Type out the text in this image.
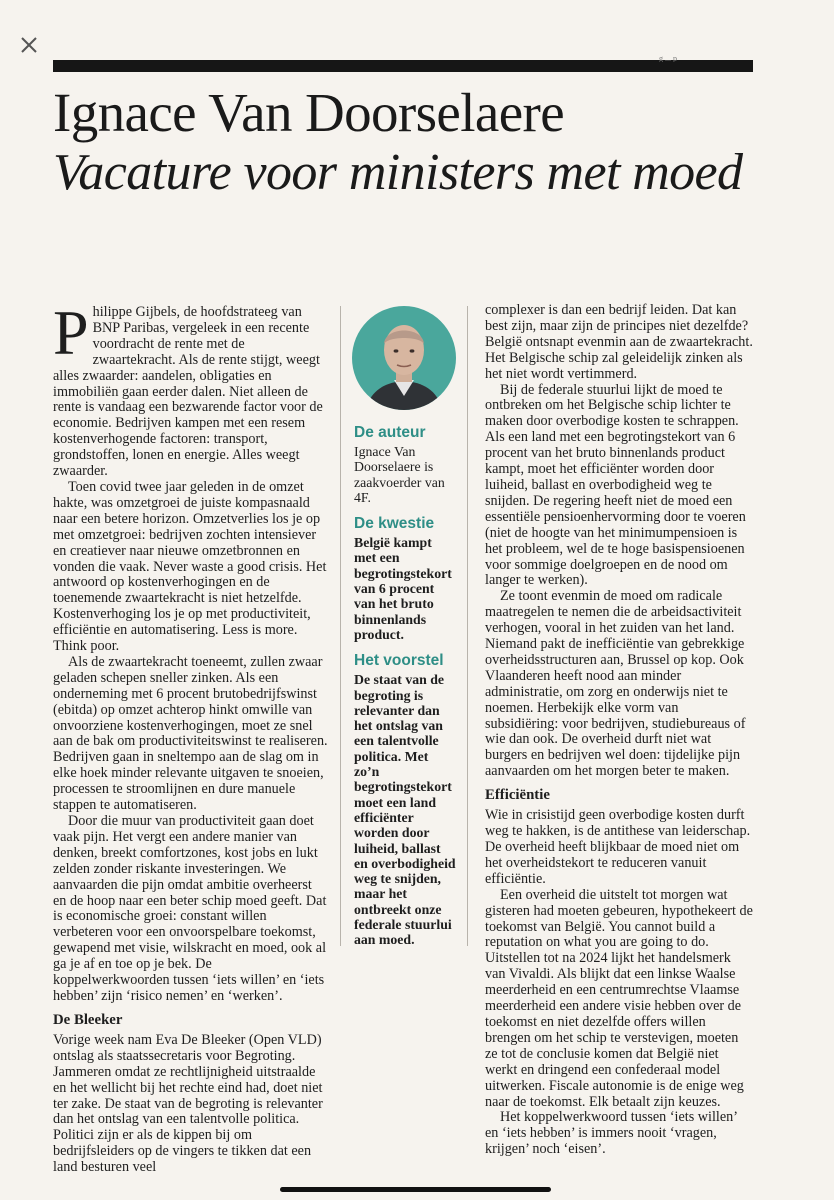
g ... p
Ignace Van Doorselaere
Vacature voor ministers met moed

Philippe Gijbels, de hoofdstrateeg van BNP Paribas, vergeleek in een recente voordracht de rente met de zwaartekracht. Als de rente stijgt, weegt alles zwaarder: aandelen, obligaties en immobiliën gaan eerder dalen. Niet alleen de rente is vandaag een bezwarende factor voor de economie. Bedrijven kampen met een resem kostenverhogende factoren: transport, grondstoffen, lonen en energie. Alles weegt zwaarder.

Toen covid twee jaar geleden in de omzet hakte, was omzetgroei de juiste kompasnaald naar een betere horizon. Omzetverlies los je op met omzetgroei: bedrijven zochten intensiever en creatiever naar nieuwe omzetbronnen en vonden die vaak. Never waste a good crisis. Het antwoord op kostenverhogingen en de toenemende zwaartekracht is niet hetzelfde. Kostenverhoging los je op met productiviteit, efficiëntie en automatisering. Less is more. Think poor.

Als de zwaartekracht toeneemt, zullen zwaar geladen schepen sneller zinken. Als een onderneming met 6 procent brutobedrijfswinst (ebitda) op omzet achterop hinkt omwille van onvoorziene kostenverhogingen, moet ze snel aan de bak om productiviteitswinst te realiseren. Bedrijven gaan in sneltempo aan de slag om in elke hoek minder relevante uitgaven te snoeien, processen te stroomlijnen en dure manuele stappen te automatiseren.

Door die muur van productiviteit gaan doet vaak pijn. Het vergt een andere manier van denken, breekt comfortzones, kost jobs en lukt zelden zonder riskante investeringen. We aanvaarden die pijn omdat ambitie overheerst en de hoop naar een beter schip moed geeft. Dat is economische groei: constant willen verbeteren voor een onvoorspelbare toekomst, gewapend met visie, wilskracht en moed, ook al ga je af en toe op je bek. De koppelwerkwoorden tussen ‘iets willen’ en ‘iets hebben’ zijn ‘risico nemen’ en ‘werken’.

De Bleeker

Vorige week nam Eva De Bleeker (Open VLD) ontslag als staatssecretaris voor Begroting. Jammeren omdat ze rechtlijnigheid uitstraalde en het wellicht bij het rechte eind had, doet niet ter zake. De staat van de begroting is relevanter dan het ontslag van een talentvolle politica. Politici zijn er als de kippen bij om bedrijfsleiders op de vingers te tikken dat een land besturen veel

De auteur

Ignace Van Doorselaere is zaakvoerder van 4F.

De kwestie

België kampt met een begrotingstekort van 6 procent van het bruto binnenlands product.

Het voorstel

De staat van de begroting is relevanter dan het ontslag van een talentvolle politica. Met zo’n begrotingstekort moet een land efficiënter worden door luiheid, ballast en overbodigheid weg te snijden, maar het ontbreekt onze federale stuurlui aan moed.

complexer is dan een bedrijf leiden. Dat kan best zijn, maar zijn de principes niet dezelfde? België ontsnapt evenmin aan de zwaartekracht. Het Belgische schip zal geleidelijk zinken als het niet wordt vertimmerd.

Bij de federale stuurlui lijkt de moed te ontbreken om het Belgische schip lichter te maken door overbodige kosten te schrappen. Als een land met een begrotingstekort van 6 procent van het bruto binnenlands product kampt, moet het efficiënter worden door luiheid, ballast en overbodigheid weg te snijden. De regering heeft niet de moed een essentiële pensioenhervorming door te voeren (niet de hoogte van het minimumpensioen is het probleem, wel de te hoge basispensioenen voor sommige doelgroepen en de nood om langer te werken).

Ze toont evenmin de moed om radicale maatregelen te nemen die de arbeidsactiviteit verhogen, vooral in het zuiden van het land. Niemand pakt de inefficiëntie van gebrekkige overheidsstructuren aan, Brussel op kop. Ook Vlaanderen heeft nood aan minder administratie, om zorg en onderwijs niet te noemen. Herbekijk elke vorm van subsidiëring: voor bedrijven, studiebureaus of wie dan ook. De overheid durft niet wat burgers en bedrijven wel doen: tijdelijke pijn aanvaarden om het morgen beter te maken.

Efficiëntie

Wie in crisistijd geen overbodige kosten durft weg te hakken, is de antithese van leiderschap. De overheid heeft blijkbaar de moed niet om het overheidstekort te reduceren vanuit efficiëntie.

Een overheid die uitstelt tot morgen wat gisteren had moeten gebeuren, hypothekeert de toekomst van België. You cannot build a reputation on what you are going to do. Uitstellen tot na 2024 lijkt het handelsmerk van Vivaldi. Als blijkt dat een linkse Waalse meerderheid en een centrumrechtse Vlaamse meerderheid een andere visie hebben over de toekomst en niet dezelfde offers willen brengen om het schip te verstevigen, moeten ze tot de conclusie komen dat België niet werkt en dringend een confederaal model uitwerken. Fiscale autonomie is de enige weg naar de toekomst. Elk betaalt zijn keuzes.

Het koppelwerkwoord tussen ‘iets willen’ en ‘iets hebben’ is immers nooit ‘vragen, krijgen’ noch ‘eisen’.
